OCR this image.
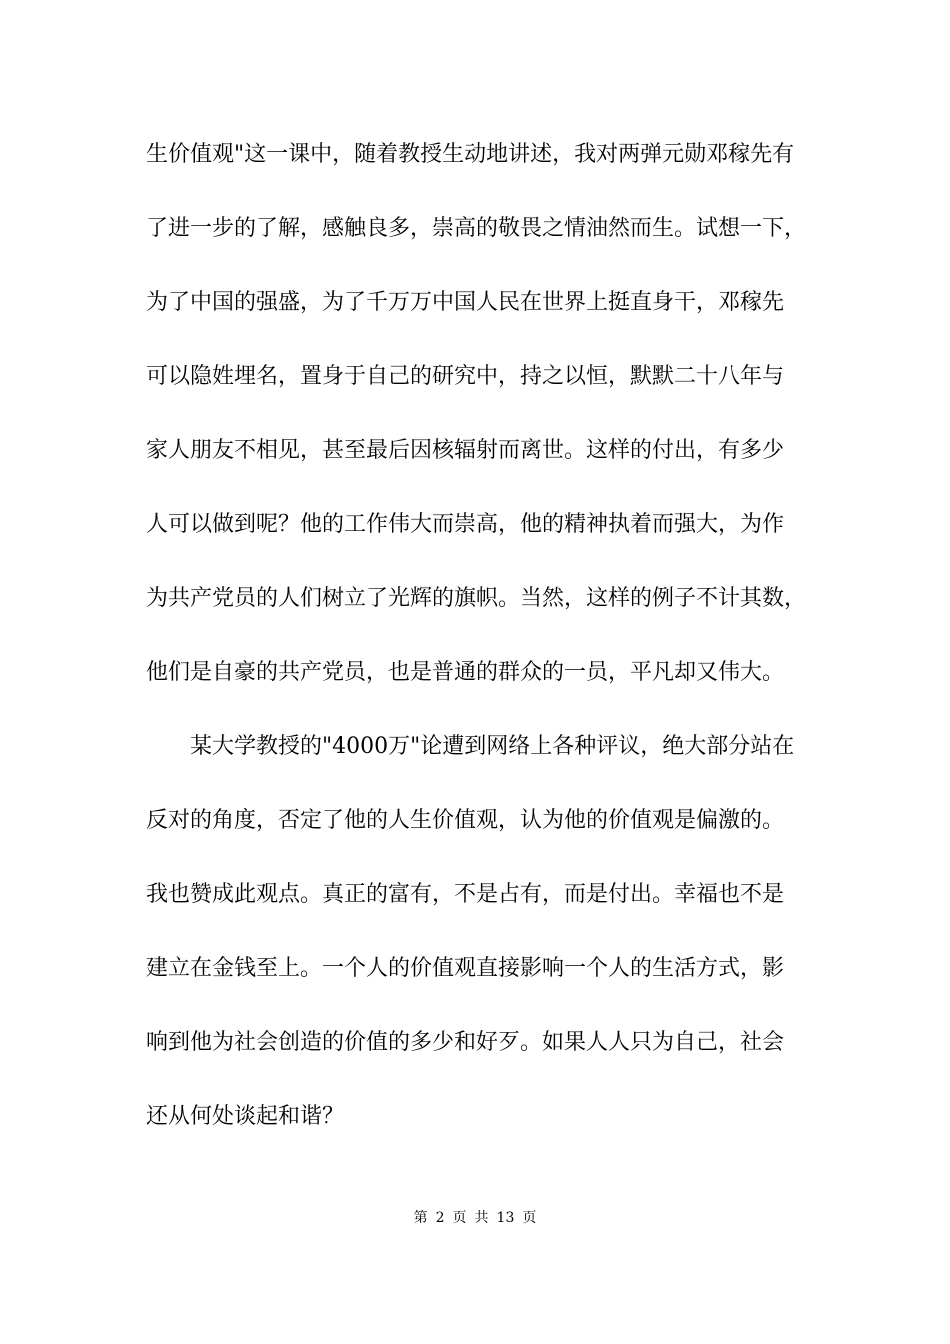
生价值观"这一课中，随着教授生动地讲述，我对两弹元勋邓稼先有
了进一步的了解，感触良多，崇高的敬畏之情油然而生。试想一下，
为了中国的强盛，为了千万万中国人民在世界上挺直身干，邓稼先
可以隐姓埋名，置身于自己的研究中，持之以恒，默默二十八年与
家人朋友不相见，甚至最后因核辐射而离世。这样的付出，有多少
人可以做到呢？他的工作伟大而崇高，他的精神执着而强大，为作
为共产党员的人们树立了光辉的旗帜。当然，这样的例子不计其数，
他们是自豪的共产党员，也是普通的群众的一员，平凡却又伟大。
某大学教授的"4000万"论遭到网络上各种评议，绝大部分站在
反对的角度，否定了他的人生价值观，认为他的价值观是偏激的。
我也赞成此观点。真正的富有，不是占有，而是付出。幸福也不是
建立在金钱至上。一个人的价值观直接影响一个人的生活方式，影
响到他为社会创造的价值的多少和好歹。如果人人只为自己，社会
还从何处谈起和谐？
第 2 页 共 13 页
